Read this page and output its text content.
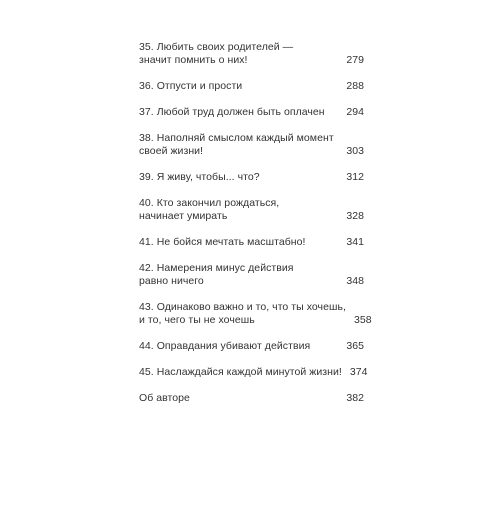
35. Любить своих родителей —
значит помнить о них!	279
36. Отпусти и прости	288
37. Любой труд должен быть оплачен	294
38. Наполняй смыслом каждый момент
своей жизни!	303
39. Я живу, чтобы... что?	312
40. Кто закончил рождаться,
начинает умирать	328
41. Не бойся мечтать масштабно!	341
42. Намерения минус действия
равно ничего	348
43. Одинаково важно и то, что ты хочешь,
и то, чего ты не хочешь	358
44. Оправдания убивают действия	365
45. Наслаждайся каждой минутой жизни! 374
Об авторе	382
